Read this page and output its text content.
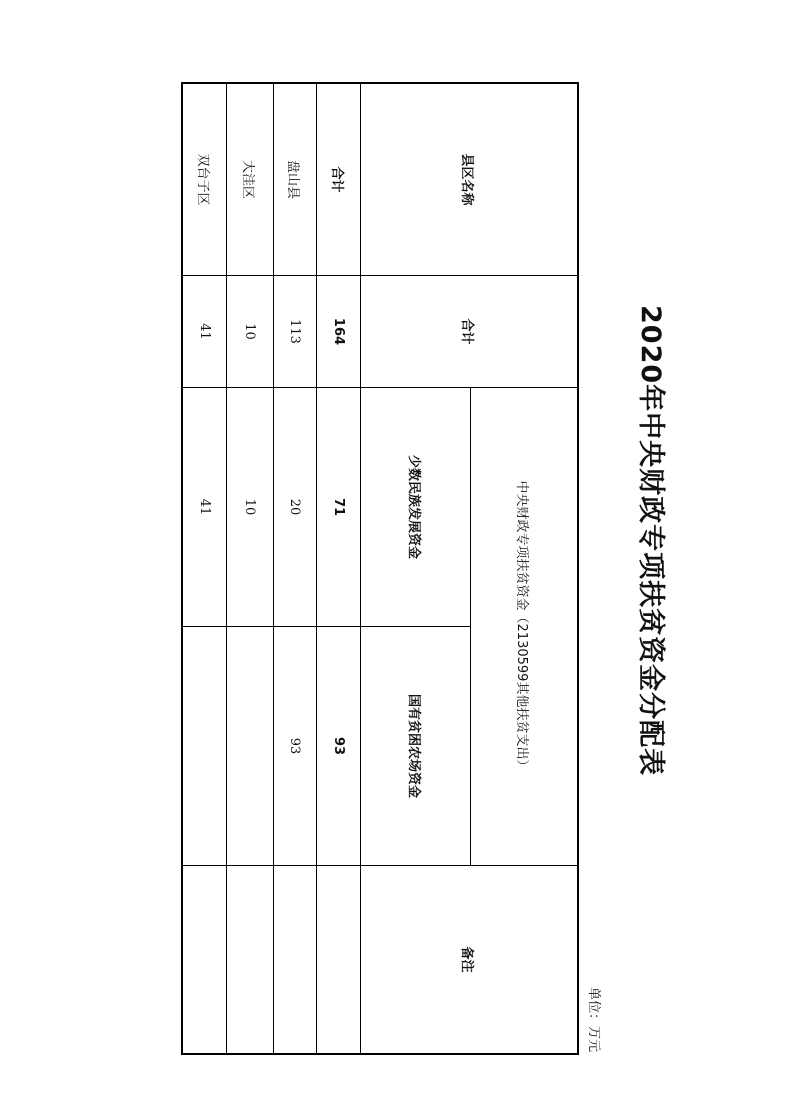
2020年中央财政专项扶贫资金分配表
单位：万元
县区名称
合计
中央财政专项扶贫资金（2130599其他扶贫支出）
少数民族发展资金
国有贫困农场资金
备注
合计
164
71
93
盘山县
113
20
93
大洼区
10
10
双台子区
41
41
